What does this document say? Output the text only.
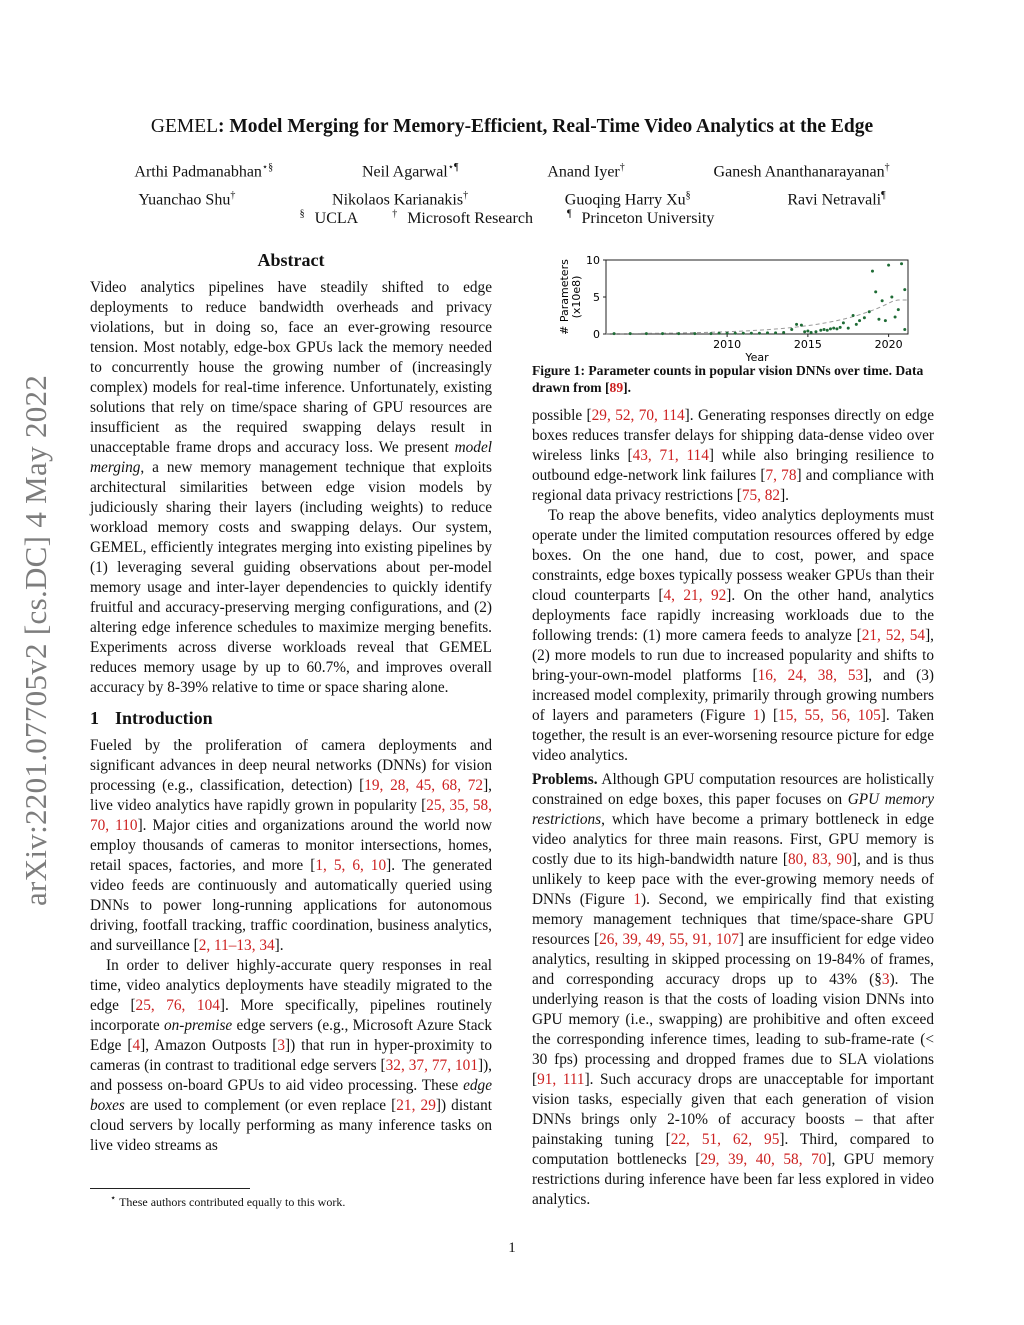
arXiv:2201.07705v2 [cs.DC] 4 May 2022
GEMEL: Model Merging for Memory-Efficient, Real-Time Video Analytics at the Edge
Arthi Padmanabhan⋆§	Neil Agarwal⋆¶	Anand Iyer†	Ganesh Ananthanarayanan†
Yuanchao Shu†	Nikolaos Karianakis†	Guoqing Harry Xu§	Ravi Netravali¶
§ UCLA	† Microsoft Research	¶ Princeton University
Abstract

Video analytics pipelines have steadily shifted to edge deployments to reduce bandwidth overheads and privacy violations, but in doing so, face an ever-growing resource tension. Most notably, edge-box GPUs lack the memory needed to concurrently house the growing number of (increasingly complex) models for real-time inference. Unfortunately, existing solutions that rely on time/space sharing of GPU resources are insufficient as the required swapping delays result in unacceptable frame drops and accuracy loss. We present model merging, a new memory management technique that exploits architectural similarities between edge vision models by judiciously sharing their layers (including weights) to reduce workload memory costs and swapping delays. Our system, GEMEL, efficiently integrates merging into existing pipelines by (1) leveraging several guiding observations about per-model memory usage and inter-layer dependencies to quickly identify fruitful and accuracy-preserving merging configurations, and (2) altering edge inference schedules to maximize merging benefits. Experiments across diverse workloads reveal that GEMEL reduces memory usage by up to 60.7%, and improves overall accuracy by 8-39% relative to time or space sharing alone.

1 Introduction

Fueled by the proliferation of camera deployments and significant advances in deep neural networks (DNNs) for vision processing (e.g., classification, detection) [19, 28, 45, 68, 72], live video analytics have rapidly grown in popularity [25, 35, 58, 70, 110]. Major cities and organizations around the world now employ thousands of cameras to monitor intersections, homes, retail spaces, factories, and more [1, 5, 6, 10]. The generated video feeds are continuously and automatically queried using DNNs to power long-running applications for autonomous driving, footfall tracking, traffic coordination, business analytics, and surveillance [2, 11–13, 34].

In order to deliver highly-accurate query responses in real time, video analytics deployments have steadily migrated to the edge [25, 76, 104]. More specifically, pipelines routinely incorporate on-premise edge servers (e.g., Microsoft Azure Stack Edge [4], Amazon Outposts [3]) that run in hyper-proximity to cameras (in contrast to traditional edge servers [32, 37, 77, 101]), and possess on-board GPUs to aid video processing. These edge boxes are used to complement (or even replace [21, 29]) distant cloud servers by locally performing as many inference tasks on live video streams as

2010	2015	2020
0
5
10
# Parameters (x10e8)
Year
Figure 1: Parameter counts in popular vision DNNs over time. Data drawn from [89].

possible [29, 52, 70, 114]. Generating responses directly on edge boxes reduces transfer delays for shipping data-dense video over wireless links [43, 71, 114] while also bringing resilience to outbound edge-network link failures [7, 78] and compliance with regional data privacy restrictions [75, 82].

To reap the above benefits, video analytics deployments must operate under the limited computation resources offered by edge boxes. On the one hand, due to cost, power, and space constraints, edge boxes typically possess weaker GPUs than their cloud counterparts [4, 21, 92]. On the other hand, analytics deployments face rapidly increasing workloads due to the following trends: (1) more camera feeds to analyze [21, 52, 54], (2) more models to run due to increased popularity and shifts to bring-your-own-model platforms [16, 24, 38, 53], and (3) increased model complexity, primarily through growing numbers of layers and parameters (Figure 1) [15, 55, 56, 105]. Taken together, the result is an ever-worsening resource picture for edge video analytics.

Problems. Although GPU computation resources are holistically constrained on edge boxes, this paper focuses on GPU memory restrictions, which have become a primary bottleneck in edge video analytics for three main reasons. First, GPU memory is costly due to its high-bandwidth nature [80, 83, 90], and is thus unlikely to keep pace with the ever-growing memory needs of DNNs (Figure 1). Second, we empirically find that existing memory management techniques that time/space-share GPU resources [26, 39, 49, 55, 91, 107] are insufficient for edge video analytics, resulting in skipped processing on 19-84% of frames, and corresponding accuracy drops up to 43% (§3). The underlying reason is that the costs of loading vision DNNs into GPU memory (i.e., swapping) are prohibitive and often exceed the corresponding inference times, leading to sub-frame-rate (< 30 fps) processing and dropped frames due to SLA violations [91, 111]. Such accuracy drops are unacceptable for important vision tasks, especially given that each generation of vision DNNs brings only 2-10% of accuracy boosts – that after painstaking tuning [22, 51, 62, 95]. Third, compared to computation bottlenecks [29, 39, 40, 58, 70], GPU memory restrictions during inference have been far less explored in video analytics.

⋆ These authors contributed equally to this work.
1
